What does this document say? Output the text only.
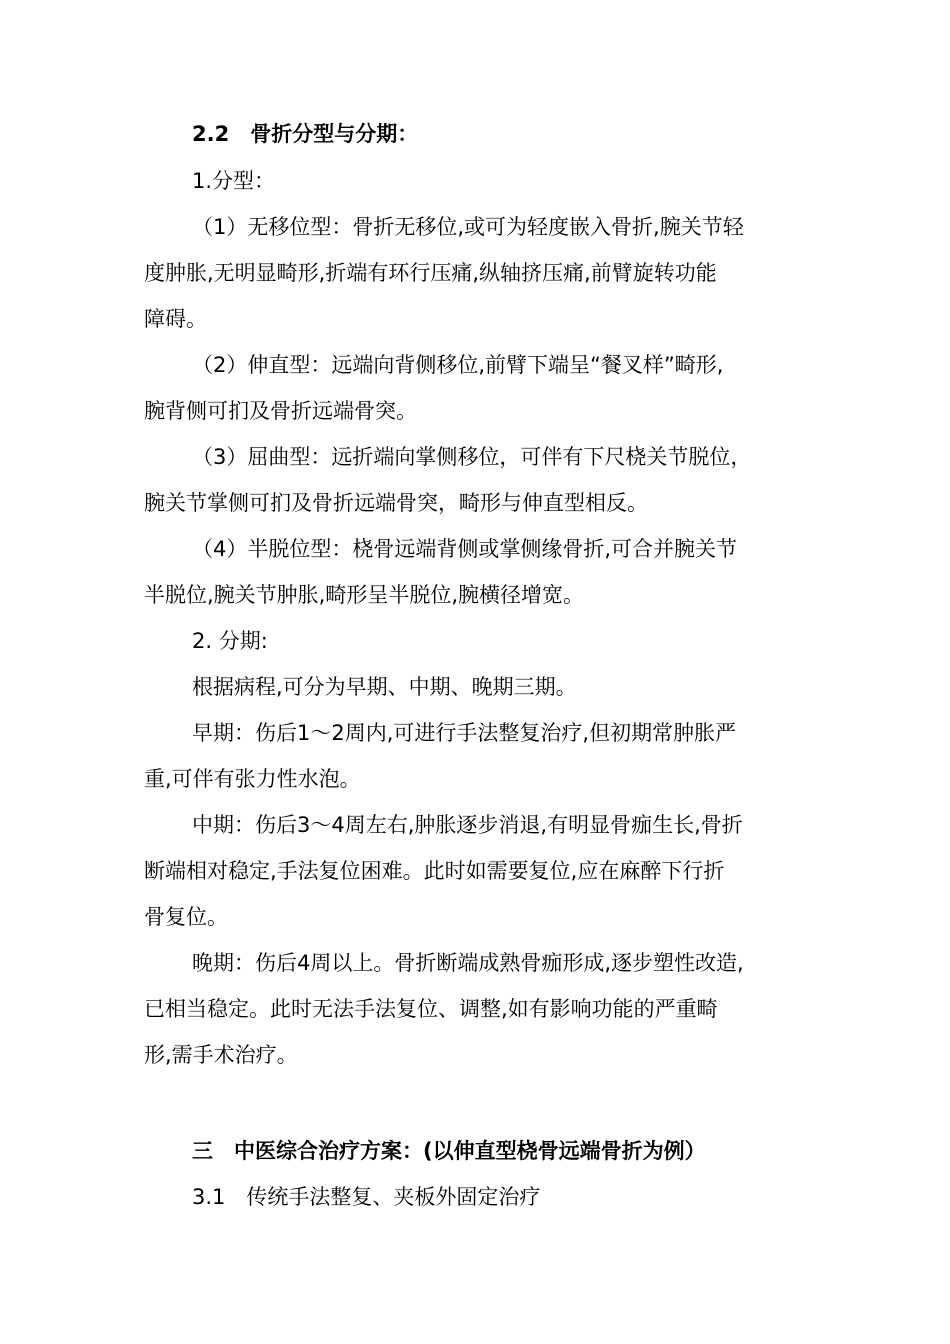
2.2　骨折分型与分期：
1.分型：
（1）无移位型：骨折无移位,或可为轻度嵌入骨折,腕关节轻
度肿胀,无明显畸形,折端有环行压痛,纵轴挤压痛,前臂旋转功能
障碍。
（2）伸直型：远端向背侧移位,前臂下端呈“餐叉样”畸形,
腕背侧可扪及骨折远端骨突。
（3）屈曲型：远折端向掌侧移位，可伴有下尺桡关节脱位，
腕关节掌侧可扪及骨折远端骨突，畸形与伸直型相反。
（4）半脱位型：桡骨远端背侧或掌侧缘骨折,可合并腕关节
半脱位,腕关节肿胀,畸形呈半脱位,腕横径增宽。
2. 分期:
根据病程,可分为早期、中期、晚期三期。
早期：伤后1～2周内,可进行手法整复治疗,但初期常肿胀严
重,可伴有张力性水泡。
中期：伤后3～4周左右,肿胀逐步消退,有明显骨痂生长,骨折
断端相对稳定,手法复位困难。此时如需要复位,应在麻醉下行折
骨复位。
晚期：伤后4周以上。骨折断端成熟骨痂形成,逐步塑性改造,
已相当稳定。此时无法手法复位、调整,如有影响功能的严重畸
形,需手术治疗。
三　中医综合治疗方案：(以伸直型桡骨远端骨折为例）
3.1　传统手法整复、夹板外固定治疗
